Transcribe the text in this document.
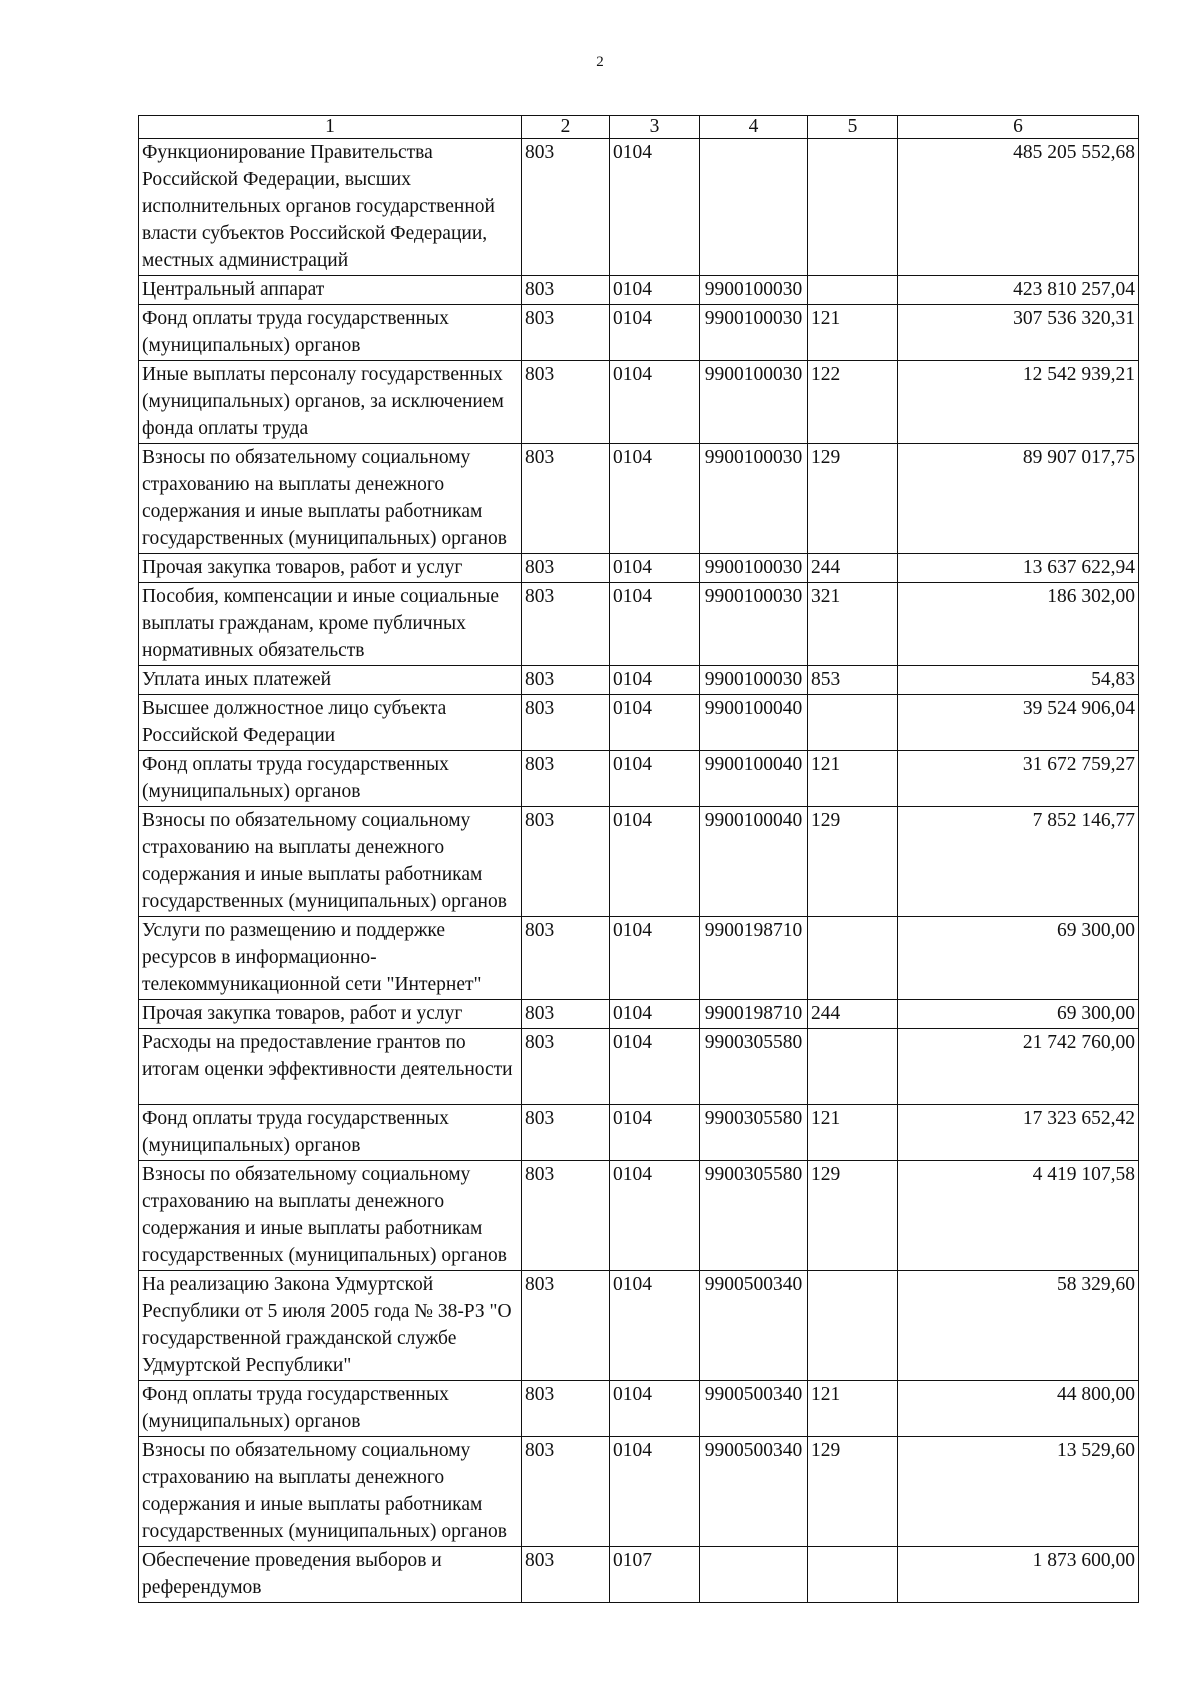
2
1	2	3	4	5	6
Функционирование Правительства Российской Федерации, высших исполнительных органов государственной власти субъектов Российской Федерации, местных администраций	803	0104			485 205 552,68
Центральный аппарат	803	0104	9900100030		423 810 257,04
Фонд оплаты труда государственных (муниципальных) органов	803	0104	9900100030	121	307 536 320,31
Иные выплаты персоналу государственных (муниципальных) органов, за исключением фонда оплаты труда	803	0104	9900100030	122	12 542 939,21
Взносы по обязательному социальному страхованию на выплаты денежного содержания и иные выплаты работникам государственных (муниципальных) органов	803	0104	9900100030	129	89 907 017,75
Прочая закупка товаров, работ и услуг	803	0104	9900100030	244	13 637 622,94
Пособия, компенсации и иные социальные выплаты гражданам, кроме публичных нормативных обязательств	803	0104	9900100030	321	186 302,00
Уплата иных платежей	803	0104	9900100030	853	54,83
Высшее должностное лицо субъекта Российской Федерации	803	0104	9900100040		39 524 906,04
Фонд оплаты труда государственных (муниципальных) органов	803	0104	9900100040	121	31 672 759,27
Взносы по обязательному социальному страхованию на выплаты денежного содержания и иные выплаты работникам государственных (муниципальных) органов	803	0104	9900100040	129	7 852 146,77
Услуги по размещению и поддержке ресурсов в информационно-телекоммуникационной сети "Интернет"	803	0104	9900198710		69 300,00
Прочая закупка товаров, работ и услуг	803	0104	9900198710	244	69 300,00
Расходы на предоставление грантов по итогам оценки эффективности деятельности	803	0104	9900305580		21 742 760,00
Фонд оплаты труда государственных (муниципальных) органов	803	0104	9900305580	121	17 323 652,42
Взносы по обязательному социальному страхованию на выплаты денежного содержания и иные выплаты работникам государственных (муниципальных) органов	803	0104	9900305580	129	4 419 107,58
На реализацию Закона Удмуртской Республики от 5 июля 2005 года № 38-РЗ "О государственной гражданской службе Удмуртской Республики"	803	0104	9900500340		58 329,60
Фонд оплаты труда государственных (муниципальных) органов	803	0104	9900500340	121	44 800,00
Взносы по обязательному социальному страхованию на выплаты денежного содержания и иные выплаты работникам государственных (муниципальных) органов	803	0104	9900500340	129	13 529,60
Обеспечение проведения выборов и референдумов	803	0107			1 873 600,00
